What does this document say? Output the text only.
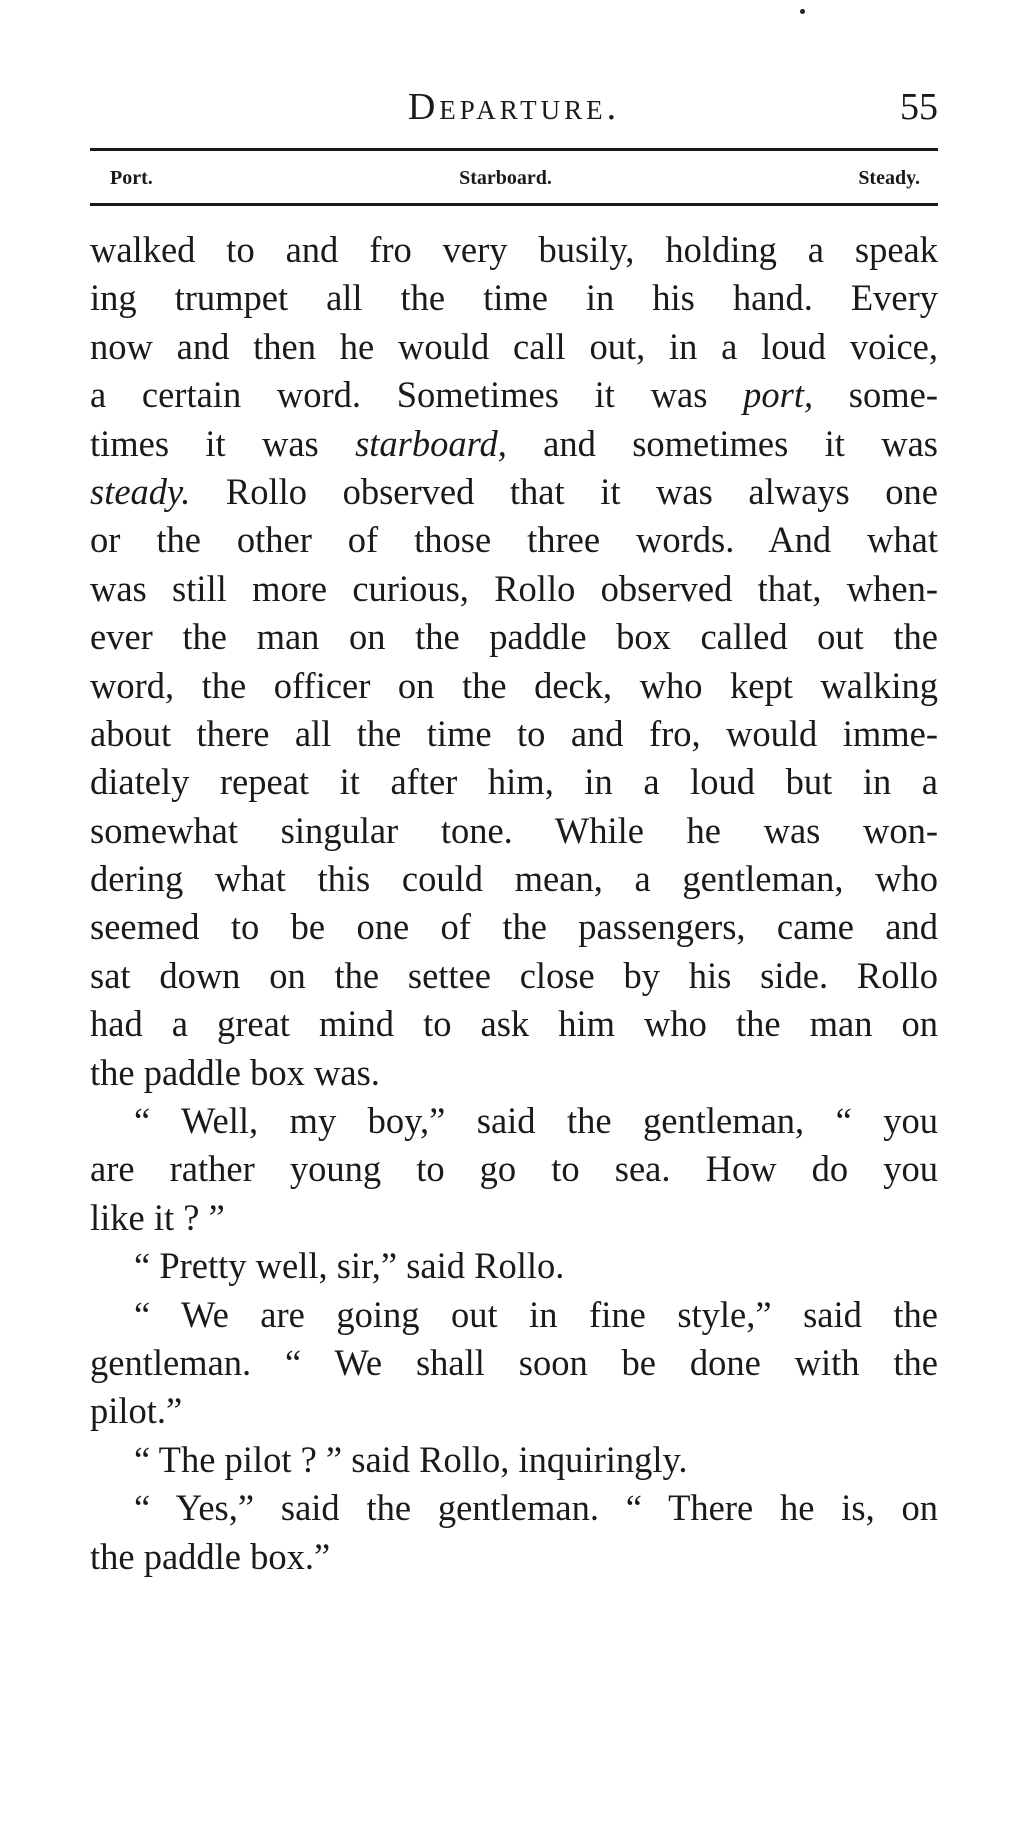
Departure.	55
Port.	Starboard.	Steady.
walked to and fro very busily, holding a speak
ing trumpet all the time in his hand. Every
now and then he would call out, in a loud voice,
a certain word. Sometimes it was port, some-
times it was starboard, and sometimes it was
steady. Rollo observed that it was always one
or the other of those three words. And what
was still more curious, Rollo observed that, when-
ever the man on the paddle box called out the
word, the officer on the deck, who kept walking
about there all the time to and fro, would imme-
diately repeat it after him, in a loud but in a
somewhat singular tone. While he was won-
dering what this could mean, a gentleman, who
seemed to be one of the passengers, came and
sat down on the settee close by his side. Rollo
had a great mind to ask him who the man on
the paddle box was.
“ Well, my boy,” said the gentleman, “ you
are rather young to go to sea. How do you
like it ? ”
“ Pretty well, sir,” said Rollo.
“ We are going out in fine style,” said the
gentleman. “ We shall soon be done with the
pilot.”
“ The pilot ? ” said Rollo, inquiringly.
“ Yes,” said the gentleman. “ There he is, on
the paddle box.”
